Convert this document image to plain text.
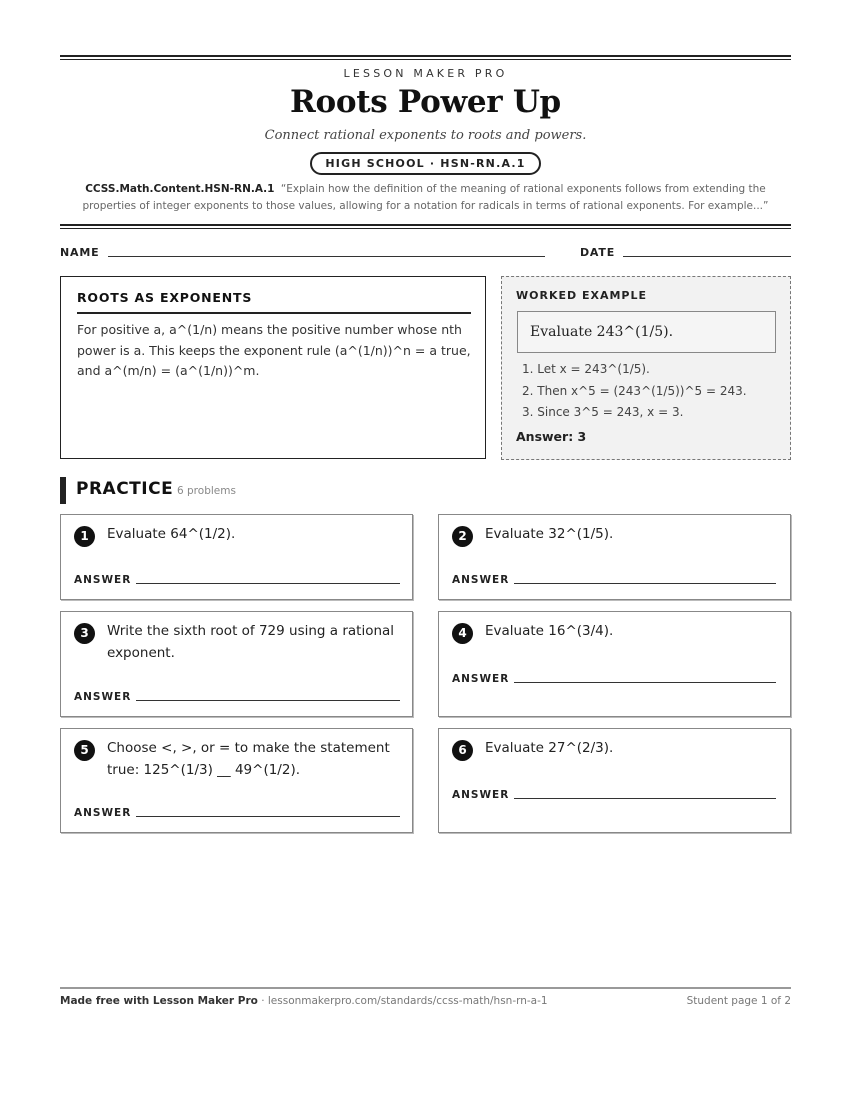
LESSON MAKER PRO
Roots Power Up
Connect rational exponents to roots and powers.
HIGH SCHOOL · HSN-RN.A.1
CCSS.Math.Content.HSN-RN.A.1 “Explain how the definition of the meaning of rational exponents follows from extending the properties of integer exponents to those values, allowing for a notation for radicals in terms of rational exponents. For example...”
NAME	DATE
ROOTS AS EXPONENTS
For positive a, a^(1/n) means the positive number whose nth power is a. This keeps the exponent rule (a^(1/n))^n = a true, and a^(m/n) = (a^(1/n))^m.
WORKED EXAMPLE
Evaluate 243^(1/5).
1. Let x = 243^(1/5).
2. Then x^5 = (243^(1/5))^5 = 243.
3. Since 3^5 = 243, x = 3.
Answer: 3
PRACTICE 6 problems
1	Evaluate 64^(1/2).
ANSWER
2	Evaluate 32^(1/5).
ANSWER
3	Write the sixth root of 729 using a rational
exponent.
ANSWER
4	Evaluate 16^(3/4).
ANSWER
5	Choose <, >, or = to make the statement
true: 125^(1/3) __ 49^(1/2).
ANSWER
6	Evaluate 27^(2/3).
ANSWER
Made free with Lesson Maker Pro · lessonmakerpro.com/standards/ccss-math/hsn-rn-a-1	Student page 1 of 2
